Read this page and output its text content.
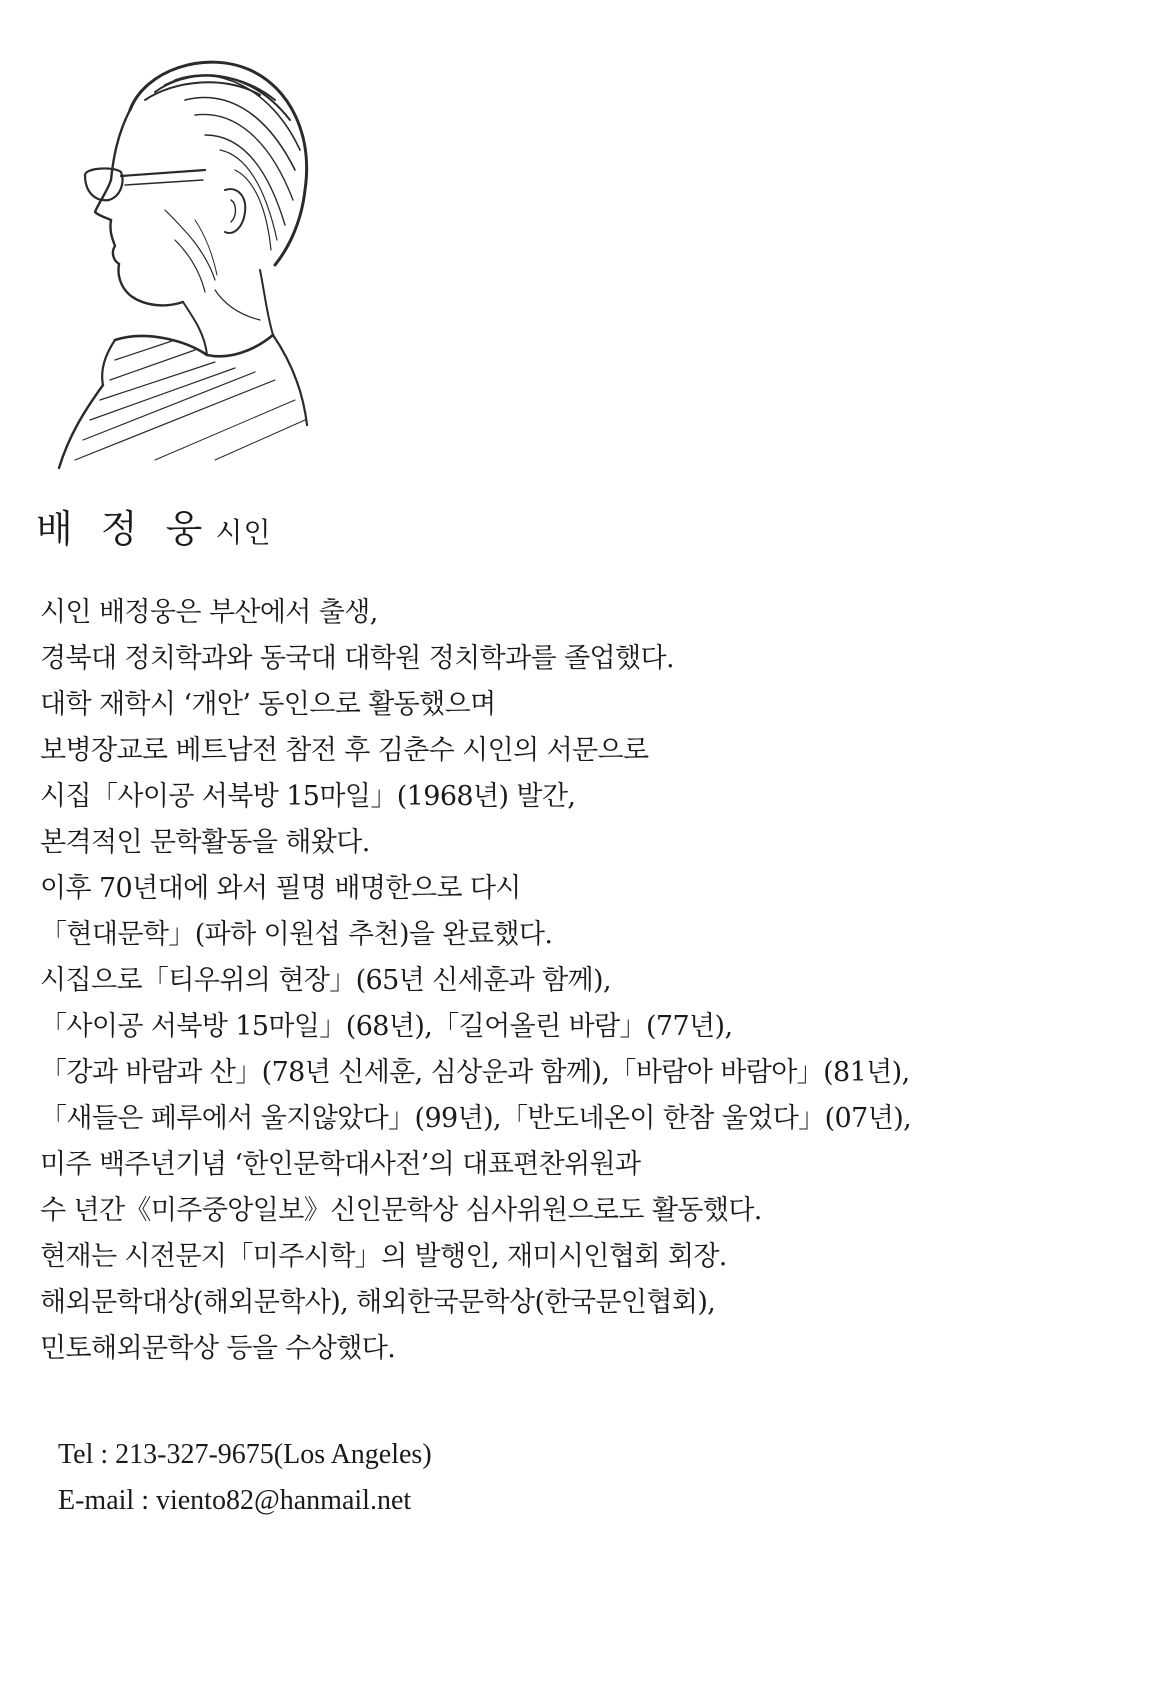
배 정 웅 시인
시인 배정웅은 부산에서 출생,
경북대 정치학과와 동국대 대학원 정치학과를 졸업했다.
대학 재학시 ‘개안’ 동인으로 활동했으며
보병장교로 베트남전 참전 후 김춘수 시인의 서문으로
시집「사이공 서북방 15마일」(1968년) 발간,
본격적인 문학활동을 해왔다.
이후 70년대에 와서 필명 배명한으로 다시
「현대문학」(파하 이원섭 추천)을 완료했다.
시집으로「티우위의 현장」(65년 신세훈과 함께),
「사이공 서북방 15마일」(68년),「길어올린 바람」(77년),
「강과 바람과 산」(78년 신세훈, 심상운과 함께),「바람아 바람아」(81년),
「새들은 페루에서 울지않았다」(99년),「반도네온이 한참 울었다」(07년),
미주 백주년기념 ‘한인문학대사전’의 대표편찬위원과
수 년간《미주중앙일보》신인문학상 심사위원으로도 활동했다.
현재는 시전문지「미주시학」의 발행인, 재미시인협회 회장.
해외문학대상(해외문학사), 해외한국문학상(한국문인협회),
민토해외문학상 등을 수상했다.
Tel : 213-327-9675(Los Angeles)
E-mail : viento82@hanmail.net
